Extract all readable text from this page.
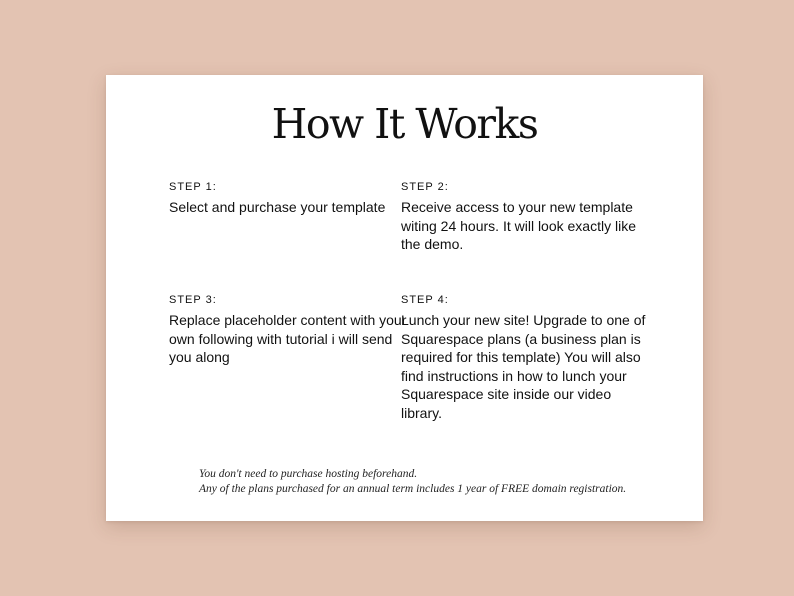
How It Works
STEP 1:
Select and purchase your template
STEP 2:
Receive access to your new template witing 24 hours. It will look exactly like the demo.
STEP 3:
Replace placeholder content with your own following with tutorial i will send you along
STEP 4:
Lunch your new site! Upgrade to one of Squarespace plans (a business plan is required for this template) You will also find instructions in how to lunch your Squarespace site inside our video library.
You don't need to purchase hosting beforehand.
Any of the plans purchased for an annual term includes 1 year of FREE domain registration.
